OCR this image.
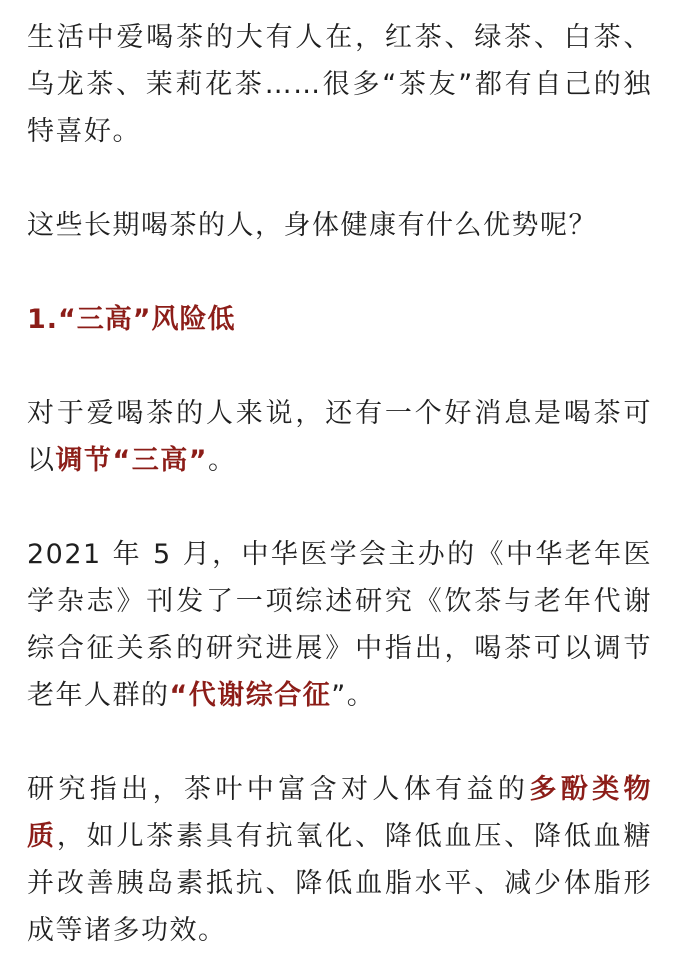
生活中爱喝茶的大有人在，红茶、绿茶、白茶、乌龙茶、茉莉花茶……很多“茶友”都有自己的独特喜好。

这些长期喝茶的人，身体健康有什么优势呢？

1.“三高”风险低

对于爱喝茶的人来说，还有一个好消息是喝茶可以调节“三高”。

2021 年 5 月，中华医学会主办的《中华老年医学杂志》刊发了一项综述研究《饮茶与老年代谢综合征关系的研究进展》中指出，喝茶可以调节老年人群的“代谢综合征”。

研究指出，茶叶中富含对人体有益的多酚类物质，如儿茶素具有抗氧化、降低血压、降低血糖并改善胰岛素抵抗、降低血脂水平、减少体脂形成等诸多功效。
